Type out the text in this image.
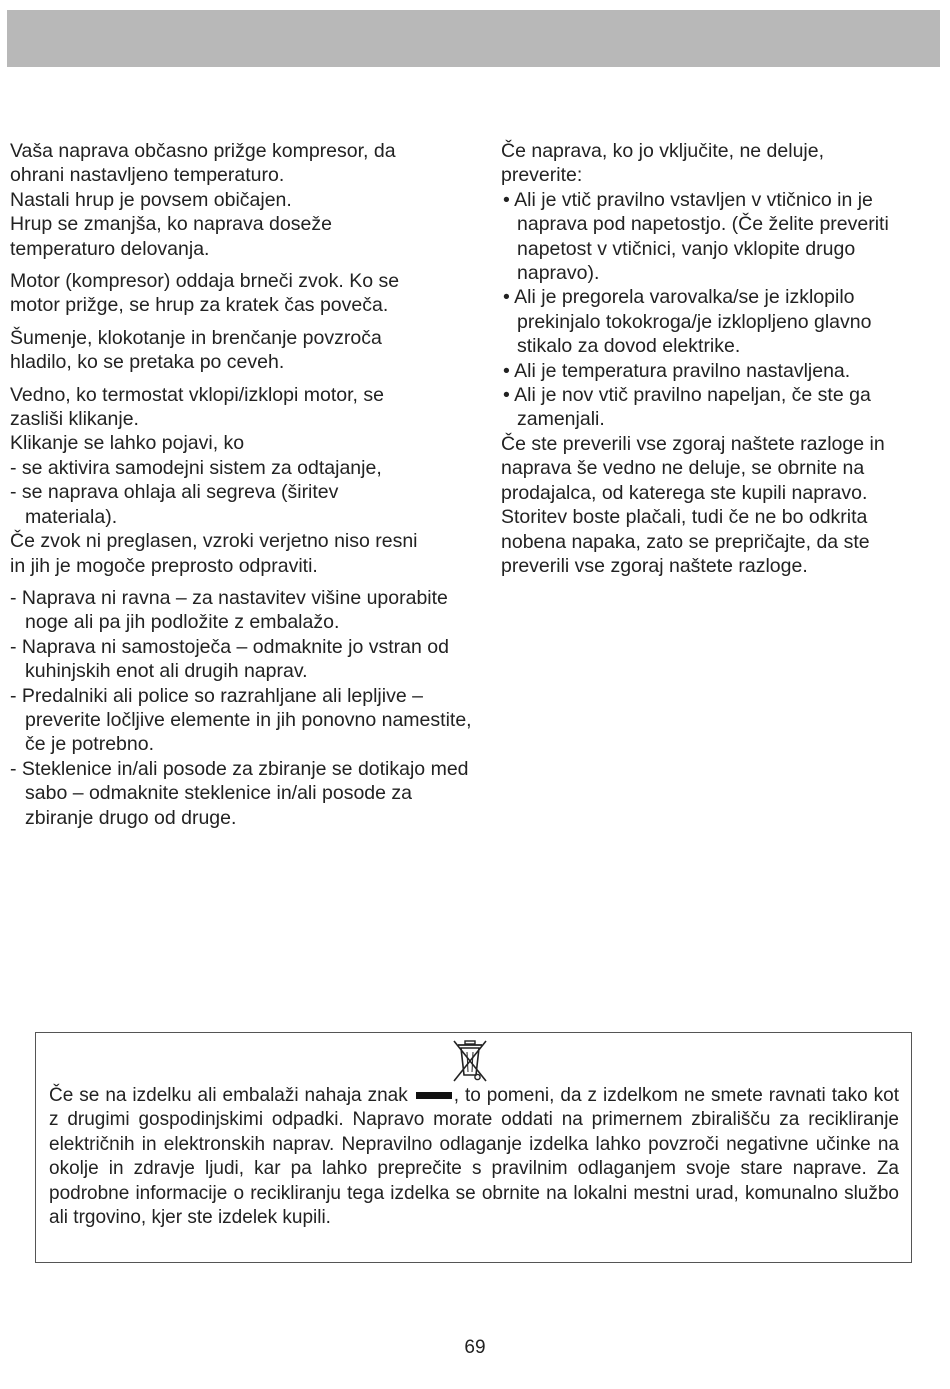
Vaša naprava občasno prižge kompresor, da
ohrani nastavljeno temperaturo.
Nastali hrup je povsem običajen.
Hrup se zmanjša, ko naprava doseže
temperaturo delovanja.

Motor (kompresor) oddaja brneči zvok. Ko se
motor prižge, se hrup za kratek čas poveča.

Šumenje, klokotanje in brenčanje povzroča
hladilo, ko se pretaka po ceveh.

Vedno, ko termostat vklopi/izklopi motor, se
zasliši klikanje.
Klikanje se lahko pojavi, ko

- se aktivira samodejni sistem za odtajanje,

- se naprava ohlaja ali segreva (širitev materiala).

Če zvok ni preglasen, vzroki verjetno niso resni
in jih je mogoče preprosto odpraviti.

- Naprava ni ravna – za nastavitev višine uporabite noge ali pa jih podložite z embalažo.

- Naprava ni samostoječa – odmaknite jo vstran od kuhinjskih enot ali drugih naprav.

- Predalniki ali police so razrahljane ali lepljive – preverite ločljive elemente in jih ponovno namestite, če je potrebno.

- Steklenice in/ali posode za zbiranje se dotikajo med sabo – odmaknite steklenice in/ali posode za zbiranje drugo od druge.

Če naprava, ko jo vključite, ne deluje,
preverite:

• Ali je vtič pravilno vstavljen v vtičnico in je naprava pod napetostjo. (Če želite preveriti napetost v vtičnici, vanjo vklopite drugo napravo).

• Ali je pregorela varovalka/se je izklopilo prekinjalo tokokroga/je izklopljeno glavno stikalo za dovod elektrike.

• Ali je temperatura pravilno nastavljena.

• Ali je nov vtič pravilno napeljan, če ste ga zamenjali.

Če ste preverili vse zgoraj naštete razloge in
naprava še vedno ne deluje, se obrnite na
prodajalca, od katerega ste kupili napravo.
Storitev boste plačali, tudi če ne bo odkrita
nobena napaka, zato se prepričajte, da ste
preverili vse zgoraj naštete razloge.

Če se na izdelku ali embalaži nahaja znak , to pomeni, da z izdelkom ne smete ravnati tako kot z drugimi gospodinjskimi odpadki. Napravo morate oddati na primernem zbirališču za recikliranje električnih in elektronskih naprav. Nepravilno odlaganje izdelka lahko povzroči negativne učinke na okolje in zdravje ljudi, kar pa lahko preprečite s pravilnim odlaganjem svoje stare naprave. Za podrobne informacije o recikliranju tega izdelka se obrnite na lokalni mestni urad, komunalno službo ali trgovino, kjer ste izdelek kupili.

69
